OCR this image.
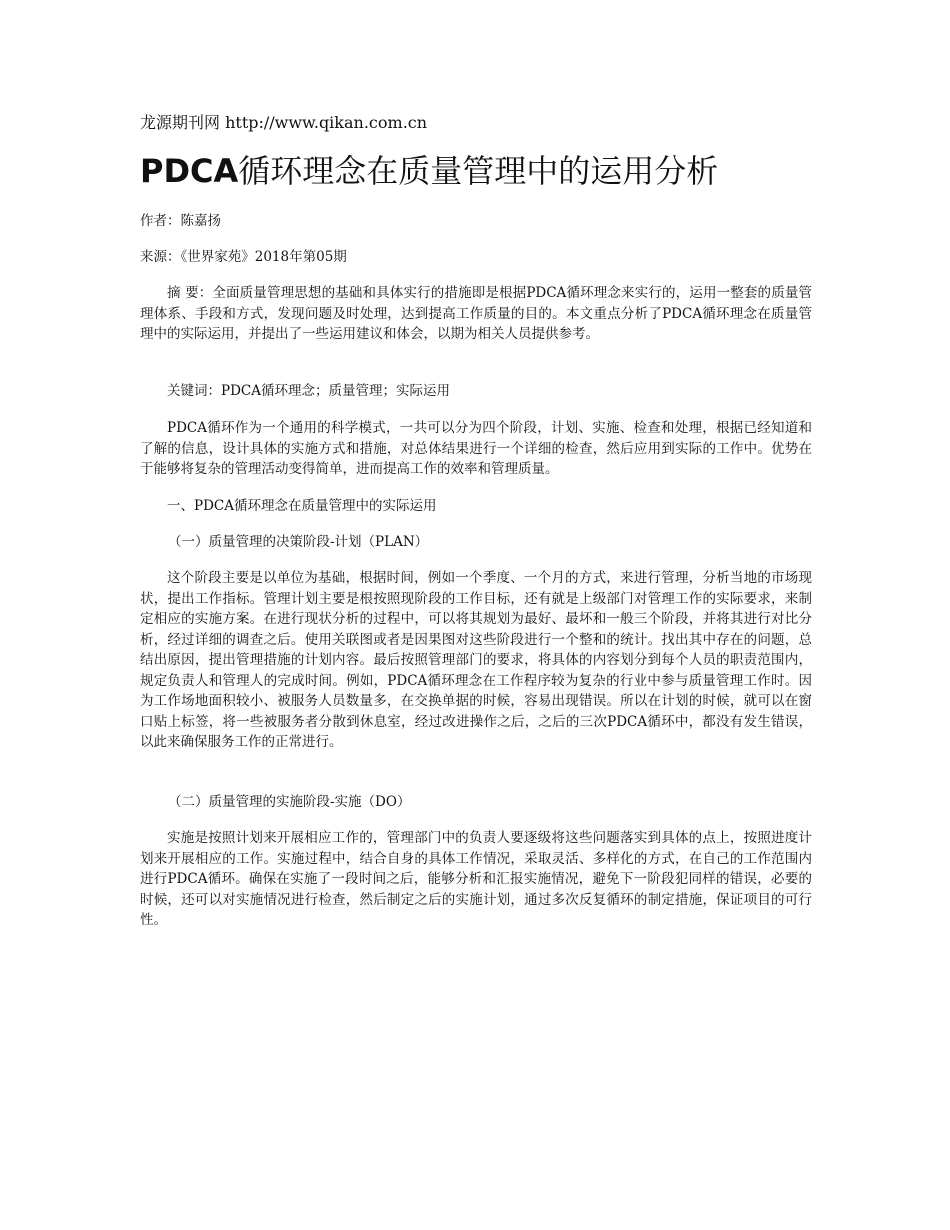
龙源期刊网 http://www.qikan.com.cn
PDCA循环理念在质量管理中的运用分析
作者：陈嘉扬
来源：《世界家苑》2018年第05期

摘 要：全面质量管理思想的基础和具体实行的措施即是根据PDCA循环理念来实行的，运用一整套的质量管理体系、手段和方式，发现问题及时处理，达到提高工作质量的目的。本文重点分析了PDCA循环理念在质量管理中的实际运用，并提出了一些运用建议和体会，以期为相关人员提供参考。

关键词：PDCA循环理念；质量管理；实际运用

PDCA循环作为一个通用的科学模式，一共可以分为四个阶段，计划、实施、检查和处理，根据已经知道和了解的信息，设计具体的实施方式和措施，对总体结果进行一个详细的检查，然后应用到实际的工作中。优势在于能够将复杂的管理活动变得简单，进而提高工作的效率和管理质量。

一、PDCA循环理念在质量管理中的实际运用
（一）质量管理的决策阶段-计划（PLAN）

这个阶段主要是以单位为基础，根据时间，例如一个季度、一个月的方式，来进行管理，分析当地的市场现状，提出工作指标。管理计划主要是根按照现阶段的工作目标，还有就是上级部门对管理工作的实际要求，来制定相应的实施方案。在进行现状分析的过程中，可以将其规划为最好、最坏和一般三个阶段，并将其进行对比分析，经过详细的调查之后。使用关联图或者是因果图对这些阶段进行一个整和的统计。找出其中存在的问题，总结出原因，提出管理措施的计划内容。最后按照管理部门的要求，将具体的内容划分到每个人员的职责范围内，规定负责人和管理人的完成时间。例如，PDCA循环理念在工作程序较为复杂的行业中参与质量管理工作时。因为工作场地面积较小、被服务人员数量多，在交换单据的时候，容易出现错误。所以在计划的时候，就可以在窗口贴上标签，将一些被服务者分散到休息室，经过改进操作之后，之后的三次PDCA循环中，都没有发生错误，以此来确保服务工作的正常进行。

（二）质量管理的实施阶段-实施（DO）

实施是按照计划来开展相应工作的，管理部门中的负责人要逐级将这些问题落实到具体的点上，按照进度计划来开展相应的工作。实施过程中，结合自身的具体工作情况，采取灵活、多样化的方式，在自己的工作范围内进行PDCA循环。确保在实施了一段时间之后，能够分析和汇报实施情况，避免下一阶段犯同样的错误，必要的时候，还可以对实施情况进行检查，然后制定之后的实施计划，通过多次反复循环的制定措施，保证项目的可行性。
